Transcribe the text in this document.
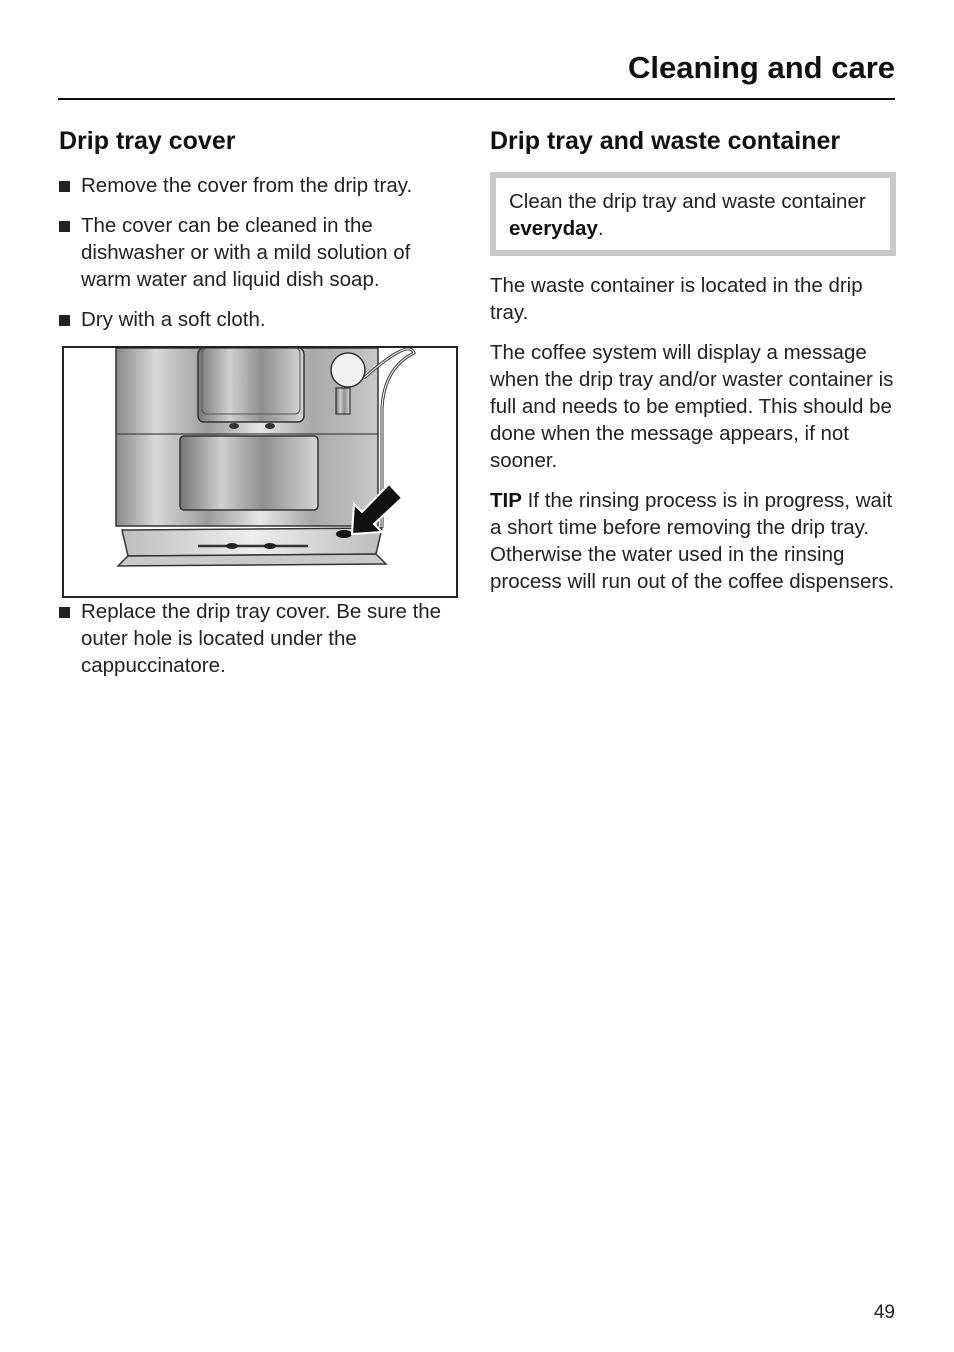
Cleaning and care
Drip tray cover
Remove the cover from the drip tray.
The cover can be cleaned in the dishwasher or with a mild solution of warm water and liquid dish soap.
Dry with a soft cloth.
Replace the drip tray cover. Be sure the outer hole is located under the cappuccinatore.
Drip tray and waste container
Clean the drip tray and waste container everyday.

The waste container is located in the drip tray.

The coffee system will display a message when the drip tray and/or waster container is full and needs to be emptied. This should be done when the message appears, if not sooner.

TIP If the rinsing process is in progress, wait a short time before removing the drip tray. Otherwise the water used in the rinsing process will run out of the coffee dispensers.

49
